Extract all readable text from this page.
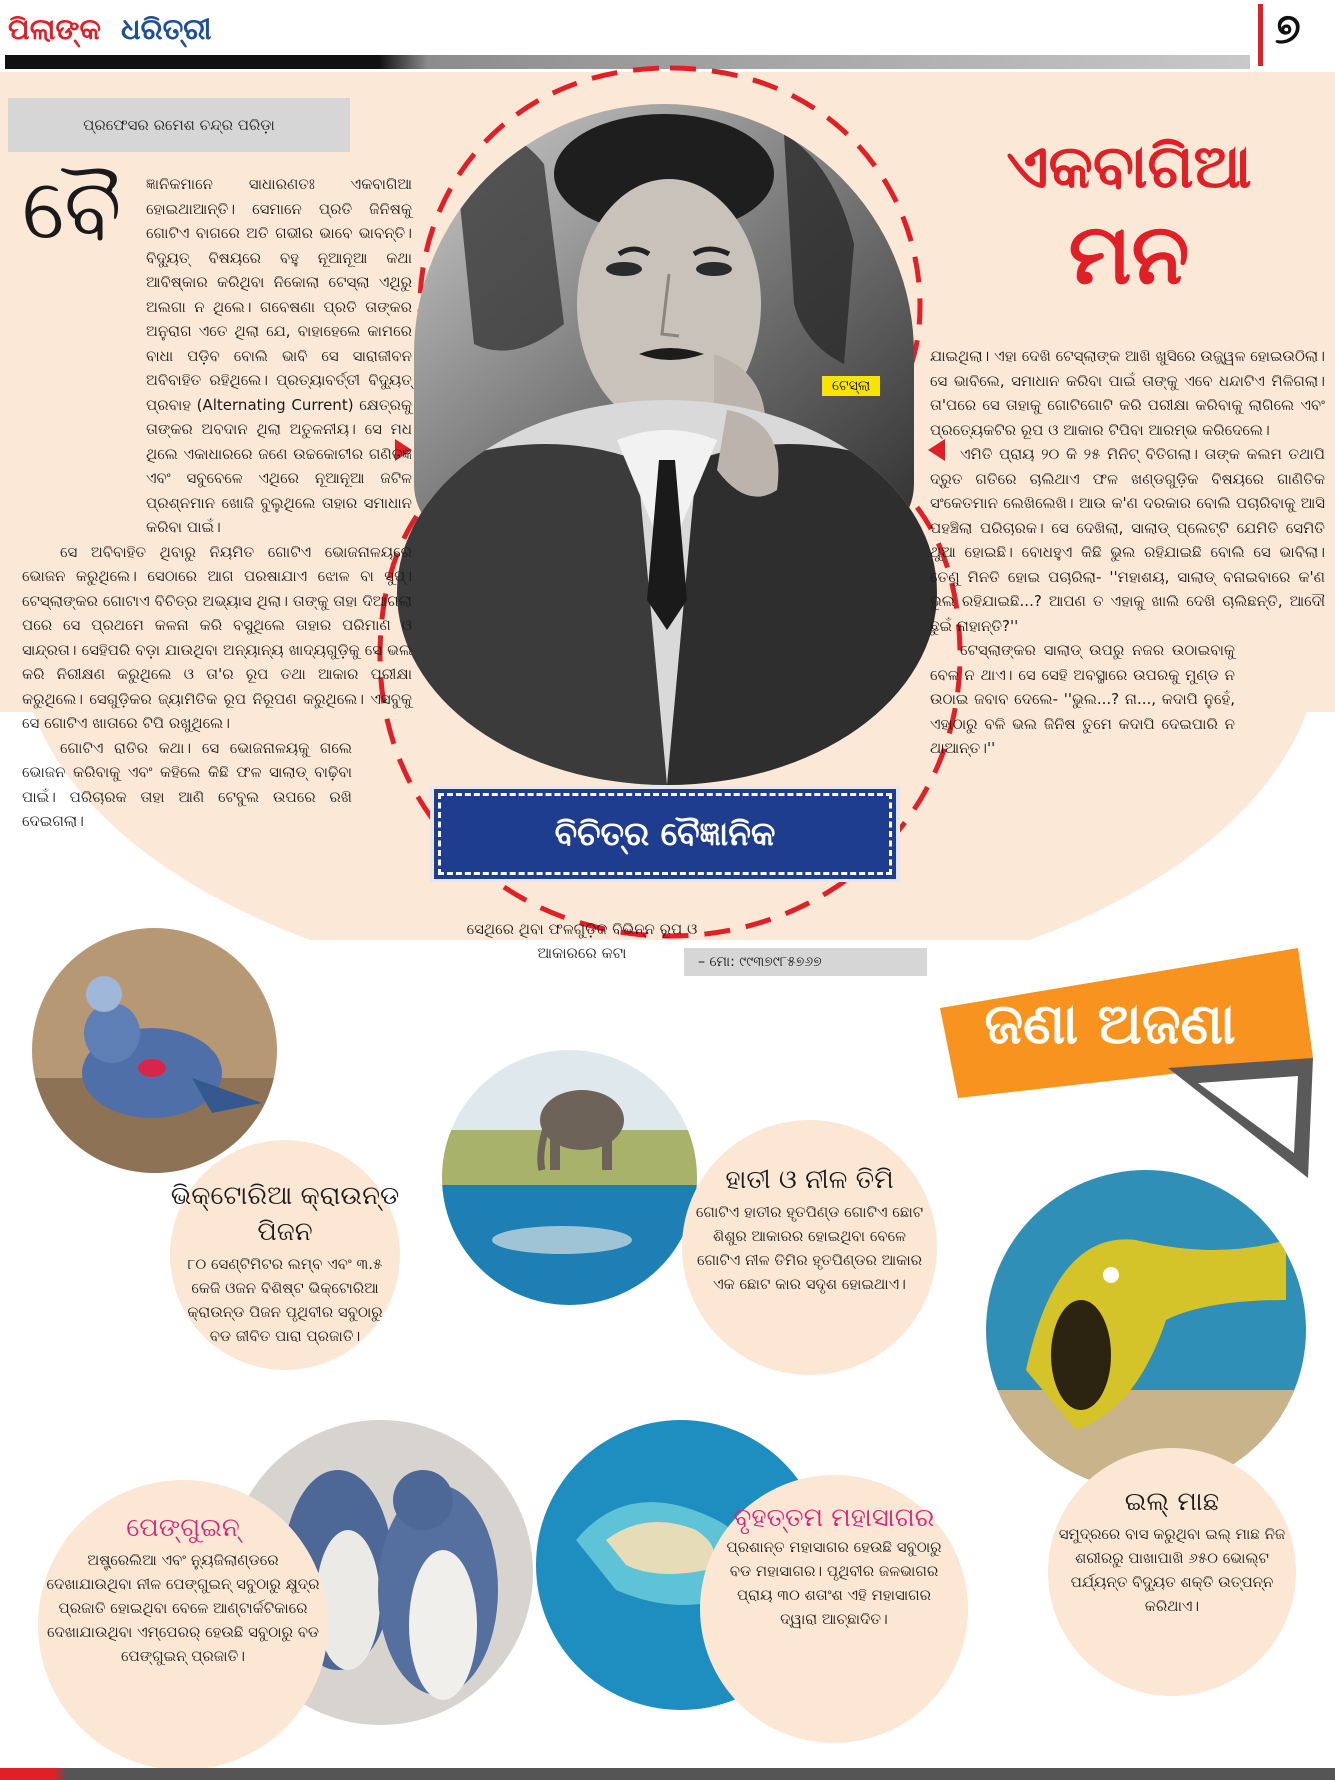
ପିଲାଙ୍କ ଧରିତ୍ରୀ	୭
ଏକବାଗିଆ
ମନ
ପ୍ରଫେସର ରମେଶ ଚନ୍ଦ୍ର ପରିଡ଼ା
ବୈ	ଜ୍ଞାନିକମାନେ ସାଧାରଣତଃ ଏକବାଗିଆ ହୋଇଥାଆନ୍ତି। ସେମାନେ ପ୍ରତି ଜିନିଷକୁ ଗୋଟିଏ ବାଗରେ ଅତି ଗଭୀର ଭାବେ ଭାବନ୍ତି। ବିଦ୍ୟୁତ୍ ବିଷୟରେ ବହୁ ନୂଆନୂଆ କଥା ଆବିଷ୍କାର କରିଥିବା ନିକୋଲା ଟେସ୍‌ଲା ଏଥିରୁ ଅଲଗା ନ ଥିଲେ। ଗବେଷଣା ପ୍ରତି ତାଙ୍କର ଅନୁରାଗ ଏତେ ଥିଲା ଯେ, ବାହାହେଲେ କାମରେ ବାଧା ପଡ଼ିବ ବୋଲି ଭାବି ସେ ସାରାଜୀବନ ଅବିବାହିତ ରହିଥିଲେ। ପ୍ରତ୍ୟାବର୍ତ୍ତୀ ବିଦ୍ୟୁତ୍ ପ୍ରବାହ (Alternating Current) କ୍ଷେତ୍ରକୁ ତାଙ୍କର ଅବଦାନ ଥିଲା ଅତୁଳନୀୟ। ସେ ମଧ ଥିଲେ ଏକାଧାରରେ ଜଣେ ଉଚ୍ଚକୋଟୀର ଗଣିତଜ୍ଞ ଏବଂ ସବୁବେଳେ ଏଥିରେ ନୂଆନୂଆ ଜଟିଳ ପ୍ରଶ୍ନମାନ ଖୋଜି ବୁଲୁଥିଲେ ତାହାର ସମାଧାନ କରିବା ପାଇଁ।

ସେ ଅବିବାହିତ ଥିବାରୁ ନିୟମିତ ଗୋଟିଏ ଭୋଜନାଳୟରେ ଭୋଜନ କରୁଥିଲେ। ସେଠାରେ ଆଗ ପରଷାଯାଏ ଝୋଳ ବା ସୁପ୍। ଟେସ୍‌ଲାଙ୍କର ଗୋଟାଏ ବିଚିତ୍ର ଅଭ୍ୟାସ ଥିଲା। ତାଙ୍କୁ ତାହା ଦିଆଗଲା ପରେ ସେ ପ୍ରଥମେ କଳନା କରି ବସୁଥିଲେ ତାହାର ପରିମାଣ ଓ ସାନ୍ଦ୍ରତା। ସେହିପରି ବଡ଼ା ଯାଉଥିବା ଅନ୍ୟାନ୍ୟ ଖାଦ୍ୟଗୁଡ଼ିକୁ ସେ ଭଲ କରି ନିରୀକ୍ଷଣ କରୁଥିଲେ ଓ ତା'ର ରୂପ ତଥା ଆକାର ପରୀକ୍ଷା କରୁଥିଲେ। ସେଗୁଡ଼ିକର ଜ୍ୟାମିତିକ ରୂପ ନିରୂପଣ କରୁଥିଲେ। ଏସବୁକୁ ସେ ଗୋଟିଏ ଖାତାରେ ଟିପି ରଖୁଥିଲେ।

ଗୋଟିଏ ରାତିର କଥା। ସେ ଭୋଜନାଳୟକୁ ଗଲେ ଭୋଜନ କରିବାକୁ ଏବଂ କହିଲେ କିଛି ଫଳ ସାଲାଡ୍ ବାଢ଼ିବା ପାଇଁ। ପରିଚାରକ ତାହା ଆଣି ଟେବୁଲ ଉପରେ ରଖି ଦେଇଗଲା।

ସେଥିରେ ଥିବା ଫଳଗୁଡ଼ିକ ବିଭିନ୍ନ ରୂପ ଓ ଆକାରରେ କଟା

ଯାଇଥିଲା। ଏହା ଦେଖି ଟେସ୍‌ଲାଙ୍କ ଆଖି ଖୁସିରେ ଉଜ୍ଜ୍ୱଳ ହୋଇଉଠିଲା। ସେ ଭାବିଲେ, ସମାଧାନ କରିବା ପାଇଁ ତାଙ୍କୁ ଏବେ ଧନ୍ଦାଟିଏ ମିଳିଗଲା। ତା'ପରେ ସେ ତାହାକୁ ଗୋଟିଗୋଟି କରି ପରୀକ୍ଷା କରିବାକୁ ଲାଗିଲେ ଏବଂ ପ୍ରତ୍ୟେକଟିର ରୂପ ଓ ଆକାର ଟିପିବା ଆରମ୍ଭ କରିଦେଲେ।

ଏମିତି ପ୍ରାୟ ୨୦ କି ୨୫ ମିନିଟ୍ ବିତିଗଲା। ତାଙ୍କ କଲମ ତଥାପି ଦ୍ରୁତ ଗତିରେ ଚାଲିଥାଏ ଫଳ ଖଣ୍ଡଗୁଡ଼ିକ ବିଷୟରେ ଗାଣିତିକ ସଂକେତମାନ ଲେଖିଲେଖି। ଆଉ କ'ଣ ଦରକାର ବୋଲି ପଚାରିବାକୁ ଆସି ପହଞ୍ଚିଲା ପରିଚାରକ। ସେ ଦେଖିଲା, ସାଲାଡ୍ ପ୍ଲେଟ୍‌ଟି ଯେମିତି ସେମିତି ଥୁଆ ହୋଇଛି। ବୋଧହୁଏ କିଛି ଭୁଲ ରହିଯାଇଛି ବୋଲି ସେ ଭାବିଲା। ତେଣୁ ମିନତି ହୋଇ ପଚାରିଲା- ''ମହାଶୟ, ସାଲାଡ୍ ବନାଇବାରେ କ'ଣ ଭୁଲ ରହିଯାଇଛି...? ଆପଣ ତ ଏହାକୁ ଖାଲି ଦେଖି ଚାଲିଛନ୍ତି, ଆଦୌ ଛୁଇଁ ନାହାନ୍ତି?''

ଟେସ୍‌ଲାଙ୍କର ସାଲାଡ୍ ଉପରୁ ନଜର ଉଠାଇବାକୁ ବେଳ ନ ଥାଏ। ସେ ସେହି ଅବସ୍ଥାରେ ଉପରକୁ ମୁଣ୍ଡ ନ ଉଠାଇ ଜବାବ ଦେଲେ- ''ଭୁଲ...? ନା..., କଦାପି ନୁହେଁ, ଏହାଠାରୁ ବଳି ଭଲ ଜିନିଷ ତୁମେ କଦାପି ଦେଇପାରି ନ ଥାଆନ୍ତ।''

ଟେସ୍‌ଲା
ବିଚିତ୍ର ବୈଜ୍ଞାନିକ
– ମୋ: ୯୯୩୭୯୮୫୭୬୭
ଜଣା ଅଜଣା
ଭିକ୍ଟୋରିଆ କ୍ରାଉନ୍ଡ ପିଜନ

୮୦ ସେଣ୍ଟିମିଟର ଲମ୍ବ ଏବଂ ୩.୫ କେଜି ଓଜନ ବିଶିଷ୍ଟ ଭିକ୍ଟୋରିଆ କ୍ରାଉନ୍ଡ ପିଜନ ପୃଥିବୀର ସବୁଠାରୁ ବଡ ଜୀବିତ ପାରା ପ୍ରଜାତି।

ହାତୀ ଓ ନୀଳ ତିମି

ଗୋଟିଏ ହାତୀର ହୃତପିଣ୍ଡ ଗୋଟିଏ ଛୋଟ ଶିଶୁର ଆକାରର ହୋଇଥିବା ବେଳେ ଗୋଟିଏ ନୀଳ ତିମିର ହୃତପିଣ୍ଡର ଆକାର ଏକ ଛୋଟ କାର ସଦୃଶ ହୋଇଥାଏ।

ଇଲ୍ ମାଛ

ସମୁଦ୍ରରେ ବାସ କରୁଥିବା ଇଲ୍ ମାଛ ନିଜ ଶରୀରରୁ ପାଖାପାଖି ୬୫୦ ଭୋଲ୍ଟ ପର୍ଯ୍ୟନ୍ତ ବିଦ୍ୟୁତ ଶକ୍ତି ଉତ୍ପନ୍ନ କରିଥାଏ।

ପେଙ୍ଗୁଇନ୍

ଅଷ୍ଟ୍ରେଲିଆ ଏବଂ ନ୍ୟୁଜିଲାଣ୍ଡରେ ଦେଖାଯାଉଥିବା ନୀଳ ପେଙ୍ଗୁଇନ୍ ସବୁଠାରୁ କ୍ଷୁଦ୍ର ପ୍ରଜାତି ହୋଇଥିବା ବେଳେ ଆଣ୍ଟାର୍କଟିକାରେ ଦେଖାଯାଉଥିବା ଏମ୍ପେରର୍ ହେଉଛି ସବୁଠାରୁ ବଡ ପେଙ୍ଗୁଇନ୍ ପ୍ରଜାତି।

ବୃହତ୍ତମ ମହାସାଗର

ପ୍ରଶାନ୍ତ ମହାସାଗର ହେଉଛି ସବୁଠାରୁ ବଡ ମହାସାଗର। ପୃଥିବୀର ଜଳଭାଗର ପ୍ରାୟ ୩୦ ଶତାଂଶ ଏହି ମହାସାଗର ଦ୍ୱାରା ଆଚ୍ଛାଦିତ।
